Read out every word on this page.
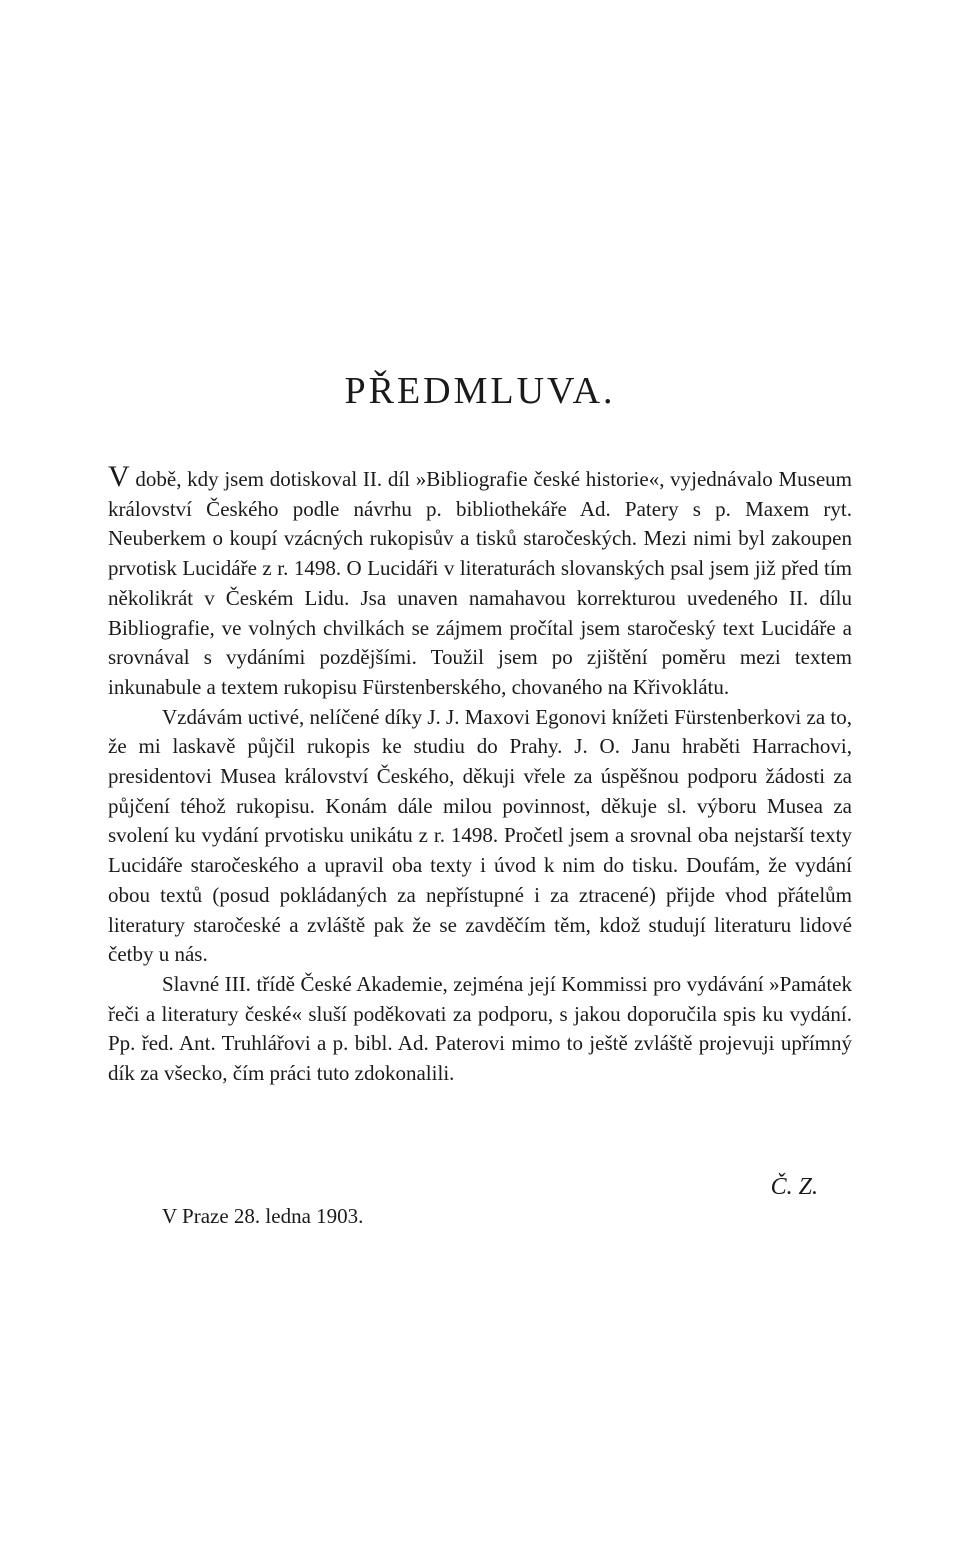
PŘEDMLUVA.

V době, kdy jsem dotiskoval II. díl »Bibliografie české historie«, vyjednávalo Museum království Českého podle návrhu p. bibliothekáře Ad. Patery s p. Maxem ryt. Neuberkem o koupí vzácných rukopisův a tisků staročeských. Mezi nimi byl zakoupen prvotisk Lucidáře z r. 1498. O Lucidáři v literaturách slovanských psal jsem již před tím několikrát v Českém Lidu. Jsa unaven namahavou korrekturou uvedeného II. dílu Bibliografie, ve volných chvilkách se zájmem pročítal jsem staročeský text Lucidáře a srovnával s vydáními pozdějšími. Toužil jsem po zjištění poměru mezi textem inkunabule a textem rukopisu Fürstenberského, chovaného na Křivoklátu.

Vzdávám uctivé, nelíčené díky J. J. Maxovi Egonovi knížeti Fürstenberkovi za to, že mi laskavě půjčil rukopis ke studiu do Prahy. J. O. Janu hraběti Harrachovi, presidentovi Musea království Českého, děkuji vřele za úspěšnou podporu žádosti za půjčení téhož rukopisu. Konám dále milou povinnost, děkuje sl. výboru Musea za svolení ku vydání prvotisku unikátu z r. 1498. Pročetl jsem a srovnal oba nejstarší texty Lucidáře staročeského a upravil oba texty i úvod k nim do tisku. Doufám, že vydání obou textů (posud pokládaných za nepřístupné i za ztracené) přijde vhod přátelům literatury staročeské a zvláště pak že se zavděčím těm, kdož studují literaturu lidové četby u nás.

Slavné III. třídě České Akademie, zejména její Kommissi pro vydávání »Památek řeči a literatury české« sluší poděkovati za podporu, s jakou doporučila spis ku vydání. Pp. řed. Ant. Truhlářovi a p. bibl. Ad. Paterovi mimo to ještě zvláště projevuji upřímný dík za všecko, čím práci tuto zdokonalili.

Č. Z.

V Praze 28. ledna 1903.
